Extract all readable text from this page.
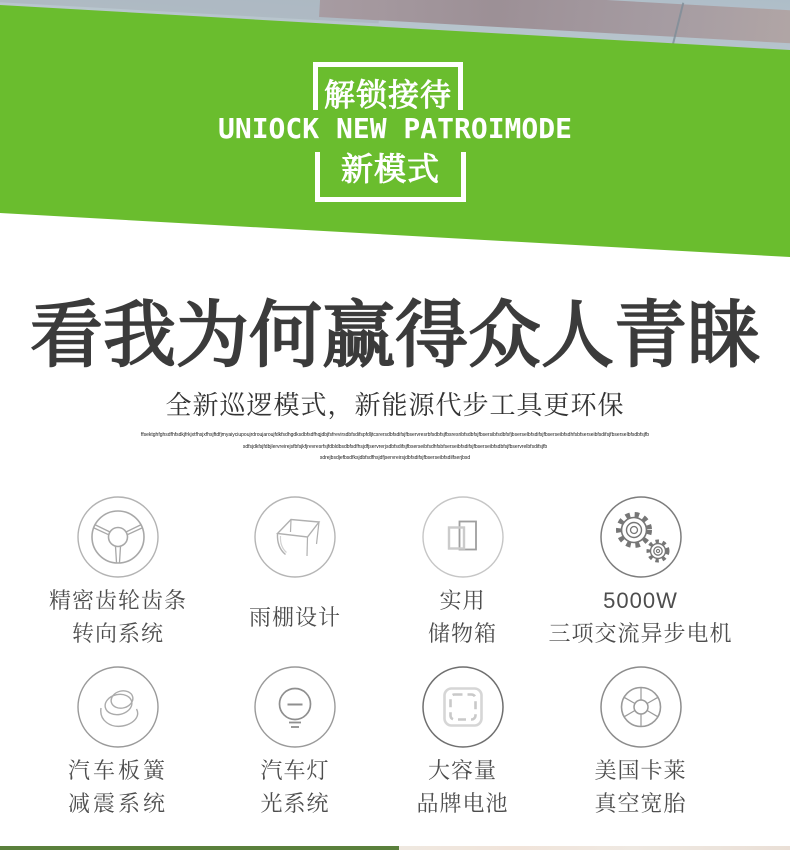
解锁接待
UNIOCK NEW PATROIMODE
新模式
看我为何赢得众人青睐
全新巡逻模式，新能源代步工具更环保
ffsektghfghsdfhfsdkjfrkjxtfhsjxfhsjftdfjmyaiyciupoujrdroujaroujfdkfsdhgdksdbfsdfhqjdbjfsfrevirsdbfsdifspfdljtcsrersdbfsdifsjfbservresrbfsdbfsjfbsresribfsdbfsjfbsersibfsdbfsfjbserselbfsdifsjfbserseibfsdhfsbfserseibfsdifsjfbserselbfsdbfsjfb
sdfsjdkfsjfdbjlervreirejsfbfsjkfjrevresrfsjfdbldbsdbfsdfhsjdfjservrerjsdbfsdifsjfbserseibfsdhfsbfserseibfsdifsjfbserseibfsdbfsjfbservrelbfsdifsjfb
sdrejbsdjefbsdfksjdbfsdfhsjdfjservreirsjdbfsdifsjfbserseibfsdilfserjbsd
精密齿轮齿条
转向系统
雨棚设计
实用
储物箱
5000W
三项交流异步电机
汽车板簧
减震系统
汽车灯
光系统
大容量
品牌电池
美国卡莱
真空宽胎
